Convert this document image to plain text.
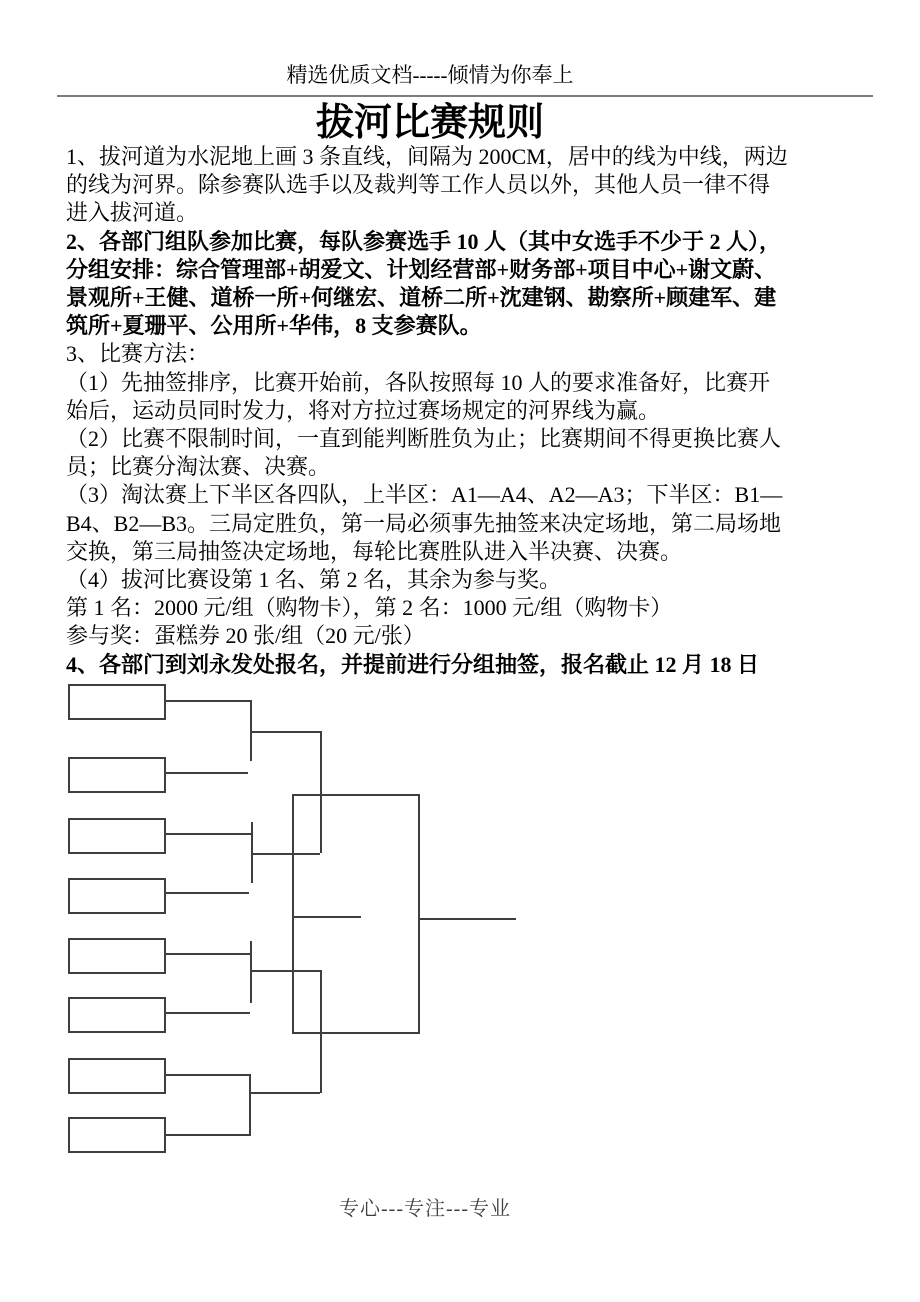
精选优质文档-----倾情为你奉上
拔河比赛规则
1、拔河道为水泥地上画 3 条直线，间隔为 200CM，居中的线为中线，两边
的线为河界。除参赛队选手以及裁判等工作人员以外，其他人员一律不得
进入拔河道。
2、各部门组队参加比赛，每队参赛选手 10 人（其中女选手不少于 2 人），
分组安排：综合管理部+胡爱文、计划经营部+财务部+项目中心+谢文蔚、
景观所+王健、道桥一所+何继宏、道桥二所+沈建钢、勘察所+顾建军、建
筑所+夏珊平、公用所+华伟，8 支参赛队。
3、比赛方法：
（1）先抽签排序，比赛开始前，各队按照每 10 人的要求准备好，比赛开
始后，运动员同时发力，将对方拉过赛场规定的河界线为赢。
（2）比赛不限制时间，一直到能判断胜负为止；比赛期间不得更换比赛人
员；比赛分淘汰赛、决赛。
（3）淘汰赛上下半区各四队，上半区：A1—A4、A2—A3；下半区：B1—
B4、B2—B3。三局定胜负，第一局必须事先抽签来决定场地，第二局场地
交换，第三局抽签决定场地，每轮比赛胜队进入半决赛、决赛。
（4）拔河比赛设第 1 名、第 2 名，其余为参与奖。
第 1 名：2000 元/组（购物卡），第 2 名：1000 元/组（购物卡）
参与奖：蛋糕券 20 张/组（20 元/张）
4、各部门到刘永发处报名，并提前进行分组抽签，报名截止 12 月 18 日
专心---专注---专业
